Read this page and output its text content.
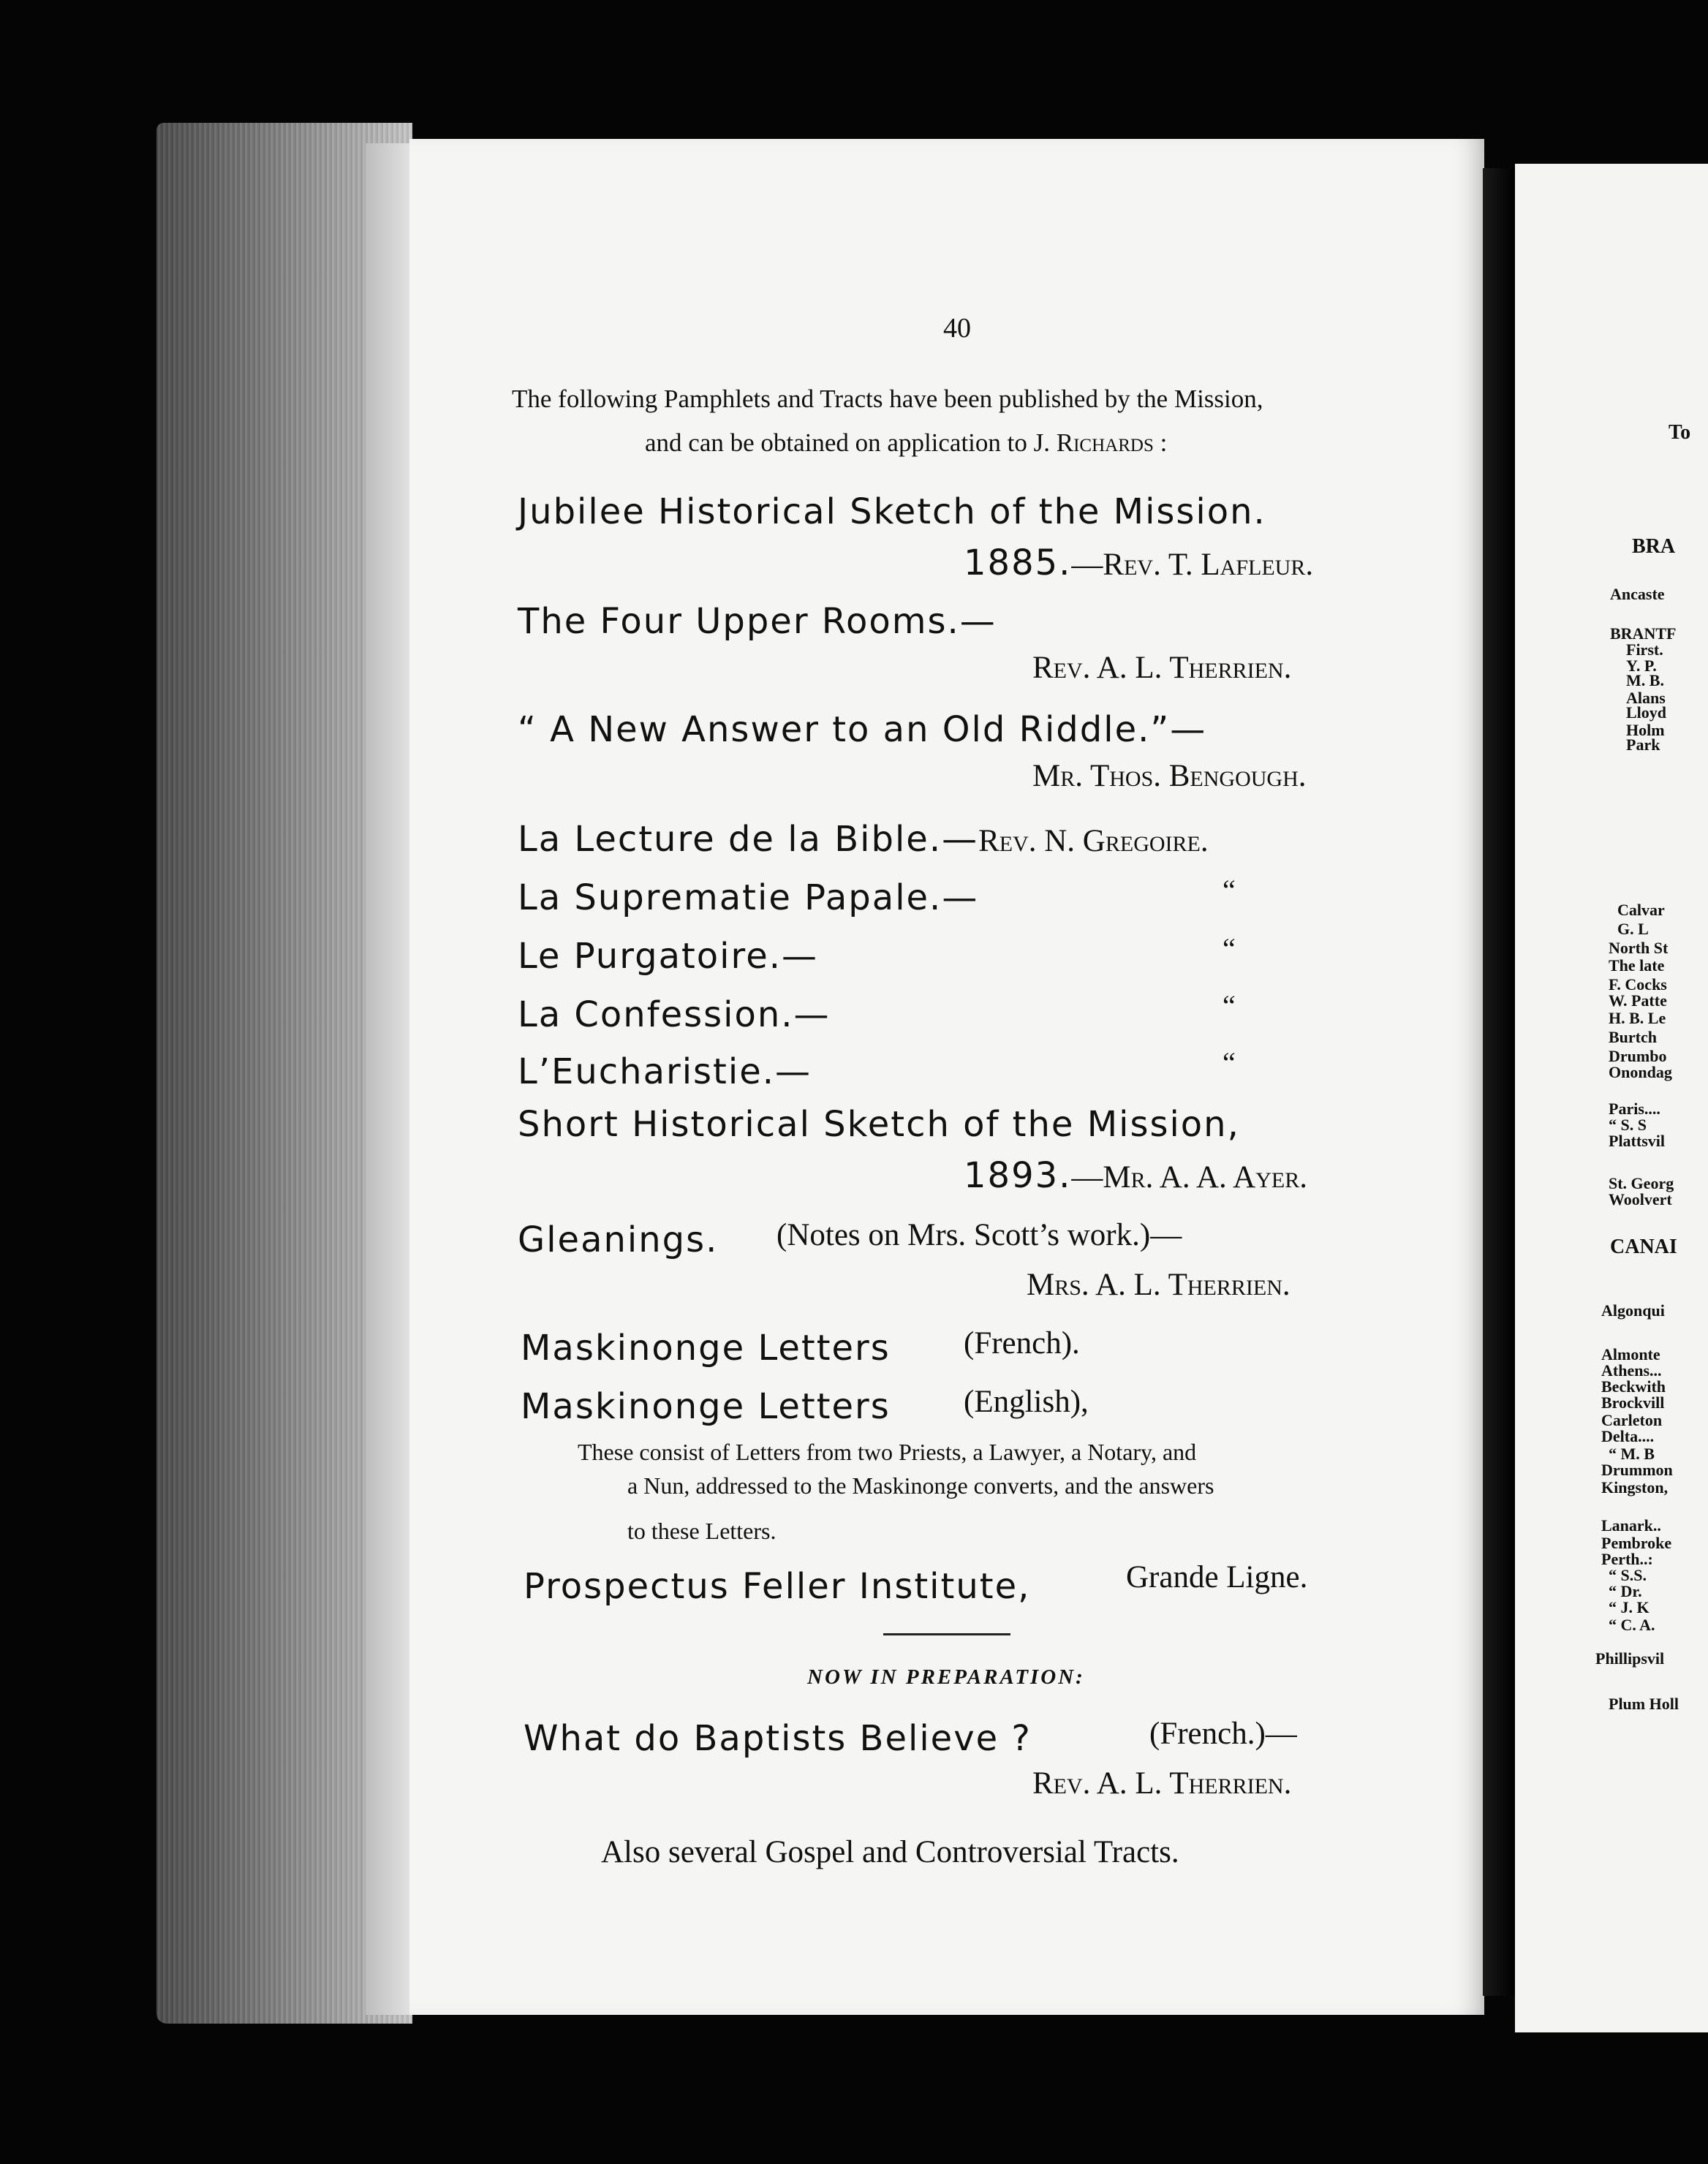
To
BRA
Ancaste
BRANTF
First.
Y. P.
M. B.
Alans
Lloyd
Holm
Park
Calvar
G. L
North St
The late
F. Cocks
W. Patte
H. B. Le
Burtch
Drumbo
Onondag
Paris....
“ S. S
Plattsvil
St. Georg
Woolvert
CANAI
Algonqui
Almonte
Athens...
Beckwith
Brockvill
Carleton
Delta....
“ M. B
Drummon
Kingston,
Lanark..
Pembroke
Perth..:
“ S.S.
“ Dr.
“ J. K
“ C. A.
Phillipsvil
Plum Holl
40
The following Pamphlets and Tracts have been published by the Mission,
and can be obtained on application to J. Richards :
Jubilee Historical Sketch of the Mission.
1885.—Rev. T. Lafleur.
The Four Upper Rooms.—
Rev. A. L. Therrien.
“ A New Answer to an Old Riddle.”—
Mr. Thos. Bengough.
La Lecture de la Bible.—Rev. N. Gregoire.
La Suprematie Papale.—	“
Le Purgatoire.—	“
La Confession.—	“
L’Eucharistie.—	“
Short Historical Sketch of the Mission,
1893.—Mr. A. A. Ayer.
Gleanings. (Notes on Mrs. Scott’s work.)—
Mrs. A. L. Therrien.
Maskinonge Letters (French).
Maskinonge Letters (English),
These consist of Letters from two Priests, a Lawyer, a Notary, and
a Nun, addressed to the Maskinonge converts, and the answers
to these Letters.
Prospectus Feller Institute,	Grande Ligne.
NOW IN PREPARATION:
What do Baptists Believe ?	(French.)—
Rev. A. L. Therrien.
Also several Gospel and Controversial Tracts.
